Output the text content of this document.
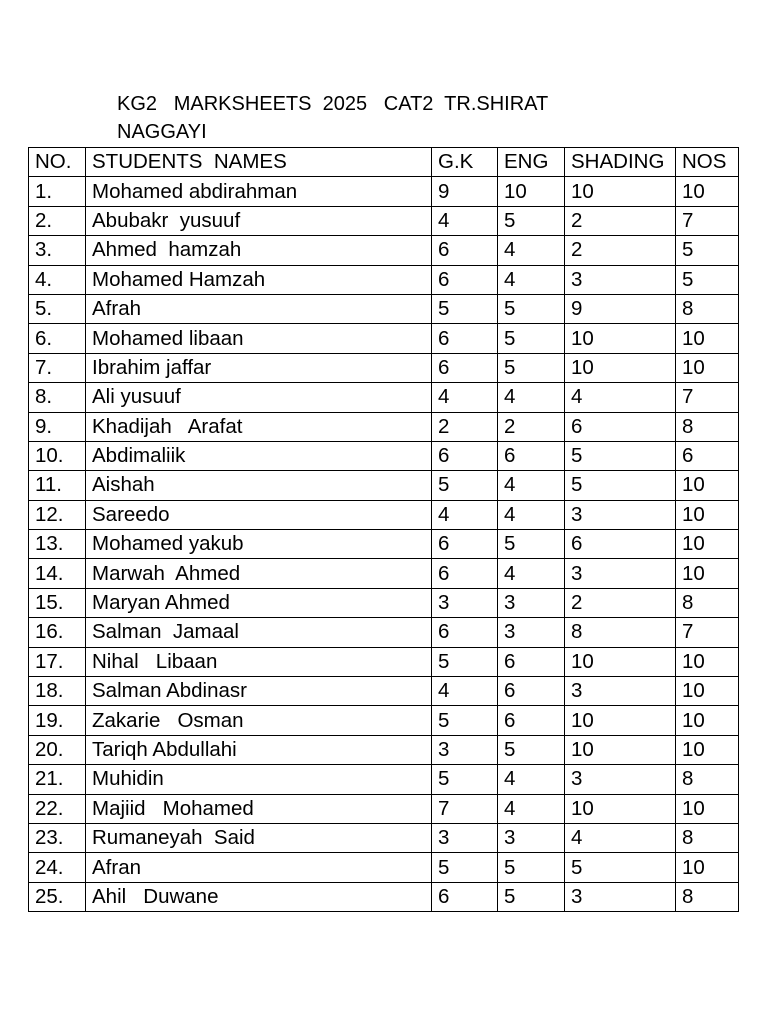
KG2   MARKSHEETS  2025   CAT2  TR.SHIRAT
NAGGAYI
NO.	STUDENTS  NAMES	G.K	ENG	SHADING	NOS
1.	Mohamed abdirahman	9	10	10	10
2.	Abubakr  yusuuf	4	5	2	7
3.	Ahmed  hamzah	6	4	2	5
4.	Mohamed Hamzah	6	4	3	5
5.	Afrah	5	5	9	8
6.	Mohamed libaan	6	5	10	10
7.	Ibrahim jaffar	6	5	10	10
8.	Ali yusuuf	4	4	4	7
9.	Khadijah   Arafat	2	2	6	8
10.	Abdimaliik	6	6	5	6
11.	Aishah	5	4	5	10
12.	Sareedo	4	4	3	10
13.	Mohamed yakub	6	5	6	10
14.	Marwah  Ahmed	6	4	3	10
15.	Maryan Ahmed	3	3	2	8
16.	Salman  Jamaal	6	3	8	7
17.	Nihal   Libaan	5	6	10	10
18.	Salman Abdinasr	4	6	3	10
19.	Zakarie   Osman	5	6	10	10
20.	Tariqh Abdullahi	3	5	10	10
21.	Muhidin	5	4	3	8
22.	Majiid   Mohamed	7	4	10	10
23.	Rumaneyah  Said	3	3	4	8
24.	Afran	5	5	5	10
25.	Ahil   Duwane	6	5	3	8
